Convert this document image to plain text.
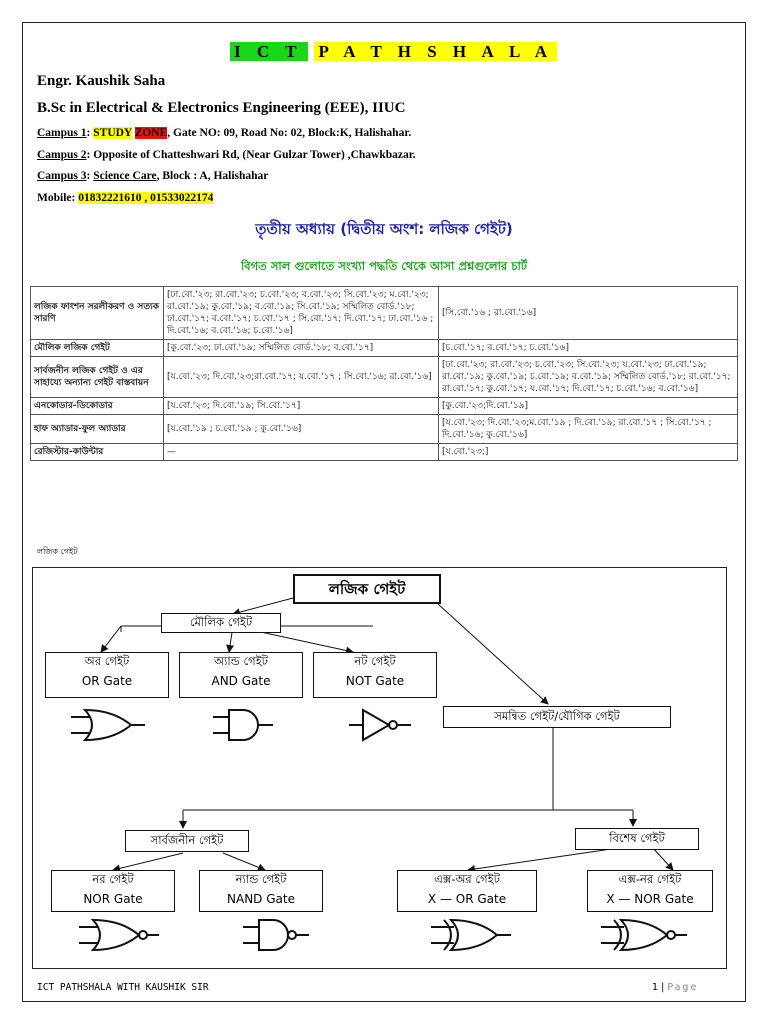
I C T P A T H S H A L A
Engr. Kaushik Saha
B.Sc in Electrical & Electronics Engineering (EEE), IIUC
Campus 1: STUDY ZONE, Gate NO: 09, Road No: 02, Block:K, Halishahar.
Campus 2: Opposite of Chatteshwari Rd, (Near Gulzar Tower) ,Chawkbazar.
Campus 3: Science Care, Block : A, Halishahar
Mobile: 01832221610 , 01533022174
তৃতীয় অধ্যায় (দ্বিতীয় অংশ: লজিক গেইট)
বিগত সাল গুলোতে সংখ্যা পদ্ধতি থেকে আসা প্রশ্নগুলোর চার্ট
লজিক ফাংশন সরলীকরণ ও সত্যক সারণি	[ঢা.বো.'২৩; রা.বো.'২৩; চ.বো.'২৩; ব.বো.'২৩; সি.বো.'২৩; ম.বো.'২৩; রা.বো.'১৯; কু.বো.'১৯; ব.বো.'১৯; সি.বো.'১৯; সম্মিলিত বোর্ড.'১৮; ঢা.বো.'১৭; ব.বো.'১৭; চ.বো.'১৭ ; সি.বো.'১৭; দি.বো.'১৭; ঢা.বো.'১৬ ; দি.বো.'১৬; ব.বো.'১৬; চ.বো.'১৬]	[সি.বো.'১৬ ; রা.বো.'১৬]
মৌলিক লজিক গেইট	[কু.বো.'২৩; ঢা.বো.'১৯; সম্মিলিত বোর্ড.'১৮; ব.বো.'১৭]	[চ.বো.'১৭; ব.বো.'১৭; চ.বো.'১৬]
সার্বজনীন লজিক গেইট ও এর সাহায্যে অন্যান্য গেইট বাস্তবায়ন	[য.বো.'২৩; দি.বো.'২৩;রা.বো.'১৭; য.বো.'১৭ ; সি.বো.'১৬; রা.বো.'১৬]	[ঢা.বো.'২৩; রা.বো.'২৩; চ.বো.'২৩; সি.বো.'২৩; য.বো.'২৩; ঢা.বো.'১৯; রা.বো.'১৯; কু.বো.'১৯; চ.বো.'১৯; ব.বো.'১৯; সম্মিলিত বোর্ড.'১৮; রা.বো.'১৭; রা.বো.'১৭; কু.বো.'১৭; য.বো.'১৭; দি.বো.'১৭; চ.বো.'১৬; ব.বো.'১৬]
এনকোডার-ডিকোডার	[য.বো.'২৩; দি.বো.'১৯; সি.বো.'১৭]	[কু.বো.'২৩;দি.বো.'১৯]
হাফ অ্যাডার-ফুল অ্যাডার	[য.বো.'১৯ ; চ.বো.'১৯ ; কু.বো.'১৬]	[য.বো.'২৩; দি.বো.'২৩;ম.বো.'১৯ ; দি.বো.'১৯; রা.বো.'১৭ ; সি.বো.'১৭ ; দি.বো.'১৬; কু.বো.'১৬]
রেজিস্টার-কাউন্টার	—	[য.বো.'২৩;]
লজিক গেইট
লজিক গেইট
মৌলিক গেইট
অর গেইট
OR Gate
অ্যান্ড গেইট
AND Gate
নট গেইট
NOT Gate
সমন্বিত গেইট/যৌগিক গেইট
সার্বজনীন গেইট	বিশেষ গেইট
নর গেইট
NOR Gate
ন্যান্ড গেইট
NAND Gate
এক্স-অর গেইট
X — OR Gate
এক্স-নর গেইট
X — NOR Gate
ICT PATHSHALA WITH KAUSHIK SIR	1 | Page
